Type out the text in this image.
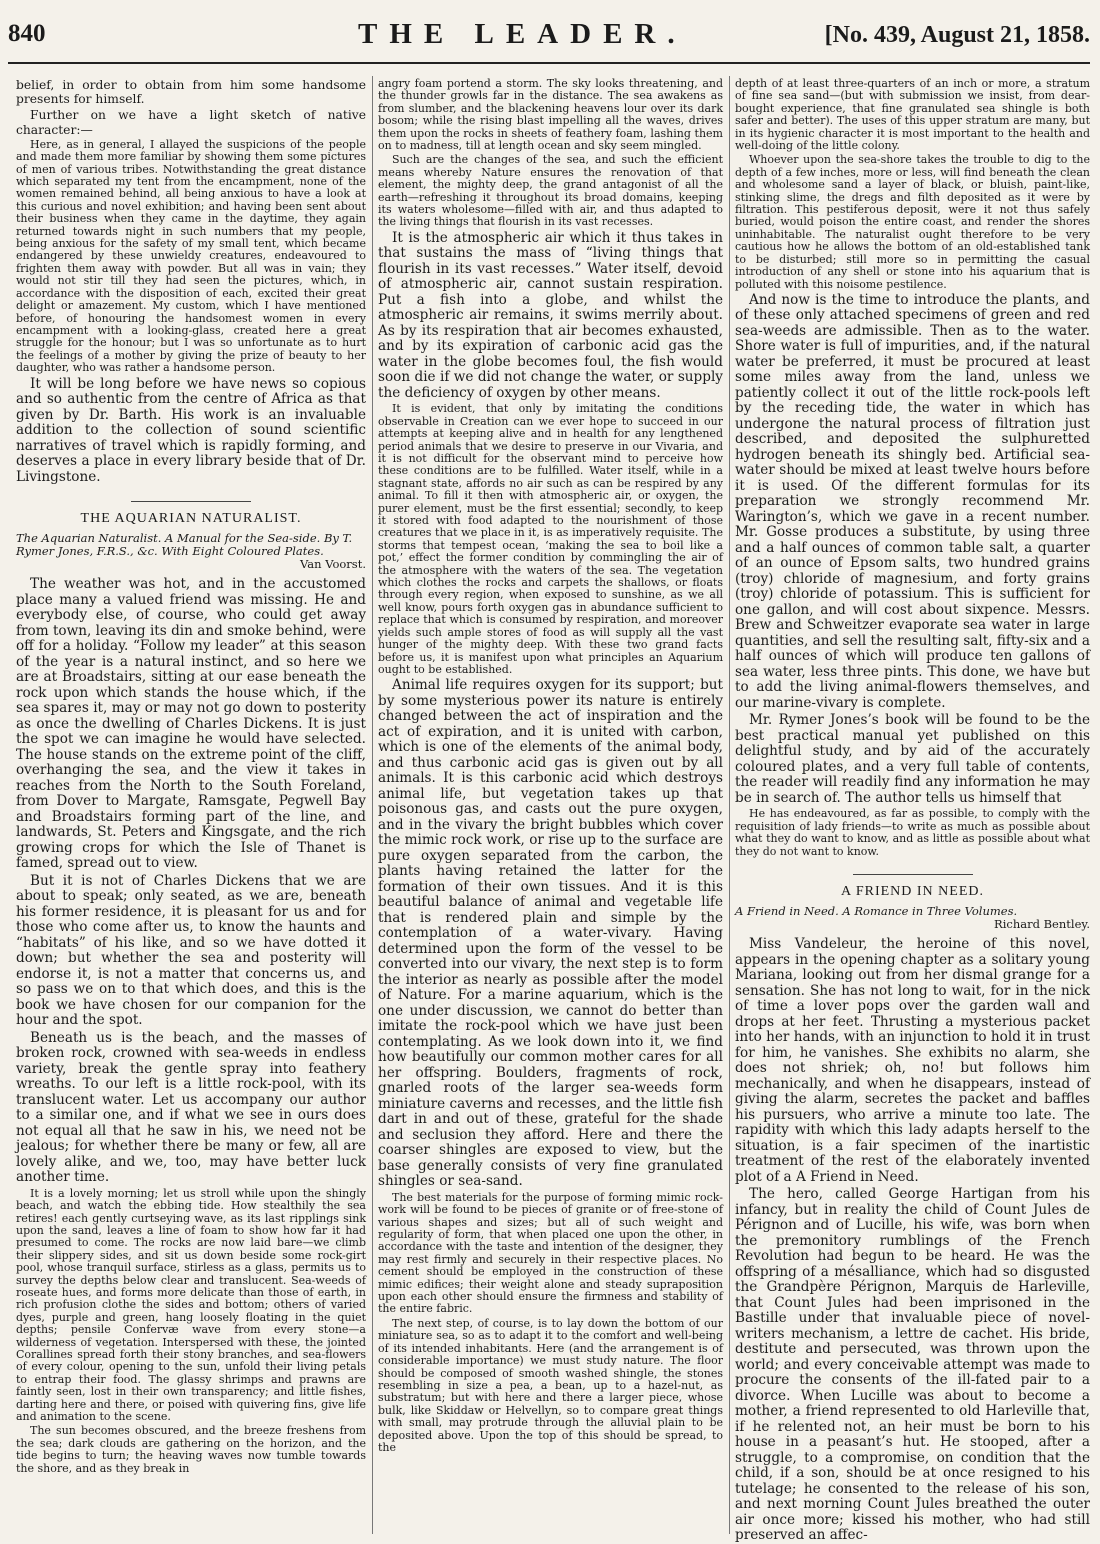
840	THE LEADER.	[No. 439, August 21, 1858.

belief, in order to obtain from him some handsome presents for himself.

Further on we have a light sketch of native character:—

Here, as in general, I allayed the suspicions of the people and made them more familiar by showing them some pictures of men of various tribes. Notwithstanding the great distance which separated my tent from the encampment, none of the women remained behind, all being anxious to have a look at this curious and novel exhibition; and having been sent about their business when they came in the daytime, they again returned towards night in such numbers that my people, being anxious for the safety of my small tent, which became endangered by these unwieldy creatures, endeavoured to frighten them away with powder. But all was in vain; they would not stir till they had seen the pictures, which, in accordance with the disposition of each, excited their great delight or amazement. My custom, which I have mentioned before, of honouring the handsomest women in every encampment with a looking-glass, created here a great struggle for the honour; but I was so unfortunate as to hurt the feelings of a mother by giving the prize of beauty to her daughter, who was rather a handsome person.

It will be long before we have news so copious and so authentic from the centre of Africa as that given by Dr. Barth. His work is an invaluable addition to the collection of sound scientific narratives of travel which is rapidly forming, and deserves a place in every library beside that of Dr. Livingstone.

THE AQUARIAN NATURALIST.
The Aquarian Naturalist. A Manual for the Sea-side. By T. Rymer Jones, F.R.S., &c. With Eight Coloured Plates.
Van Voorst.

The weather was hot, and in the accustomed place many a valued friend was missing. He and everybody else, of course, who could get away from town, leaving its din and smoke behind, were off for a holiday. “Follow my leader” at this season of the year is a natural instinct, and so here we are at Broadstairs, sitting at our ease beneath the rock upon which stands the house which, if the sea spares it, may or may not go down to posterity as once the dwelling of Charles Dickens. It is just the spot we can imagine he would have selected. The house stands on the extreme point of the cliff, overhanging the sea, and the view it takes in reaches from the North to the South Foreland, from Dover to Margate, Ramsgate, Pegwell Bay and Broadstairs forming part of the line, and landwards, St. Peters and Kingsgate, and the rich growing crops for which the Isle of Thanet is famed, spread out to view.

But it is not of Charles Dickens that we are about to speak; only seated, as we are, beneath his former residence, it is pleasant for us and for those who come after us, to know the haunts and “habitats” of his like, and so we have dotted it down; but whether the sea and posterity will endorse it, is not a matter that concerns us, and so pass we on to that which does, and this is the book we have chosen for our companion for the hour and the spot.

Beneath us is the beach, and the masses of broken rock, crowned with sea-weeds in endless variety, break the gentle spray into feathery wreaths. To our left is a little rock-pool, with its translucent water. Let us accompany our author to a similar one, and if what we see in ours does not equal all that he saw in his, we need not be jealous; for whether there be many or few, all are lovely alike, and we, too, may have better luck another time.

It is a lovely morning; let us stroll while upon the shingly beach, and watch the ebbing tide. How stealthily the sea retires! each gently curtseying wave, as its last ripplings sink upon the sand, leaves a line of foam to show how far it had presumed to come. The rocks are now laid bare—we climb their slippery sides, and sit us down beside some rock-girt pool, whose tranquil surface, stirless as a glass, permits us to survey the depths below clear and translucent. Sea-weeds of roseate hues, and forms more delicate than those of earth, in rich profusion clothe the sides and bottom; others of varied dyes, purple and green, hang loosely floating in the quiet depths; pensile Confervæ wave from every stone—a wilderness of vegetation. Interspersed with these, the jointed Corallines spread forth their stony branches, and sea-flowers of every colour, opening to the sun, unfold their living petals to entrap their food. The glassy shrimps and prawns are faintly seen, lost in their own transparency; and little fishes, darting here and there, or poised with quivering fins, give life and animation to the scene.

The sun becomes obscured, and the breeze freshens from the sea; dark clouds are gathering on the horizon, and the tide begins to turn; the heaving waves now tumble towards the shore, and as they break in

angry foam portend a storm. The sky looks threatening, and the thunder growls far in the distance. The sea awakens as from slumber, and the blackening heavens lour over its dark bosom; while the rising blast impelling all the waves, drives them upon the rocks in sheets of feathery foam, lashing them on to madness, till at length ocean and sky seem mingled.

Such are the changes of the sea, and such the efficient means whereby Nature ensures the renovation of that element, the mighty deep, the grand antagonist of all the earth—refreshing it throughout its broad domains, keeping its waters wholesome—filled with air, and thus adapted to the living things that flourish in its vast recesses.

It is the atmospheric air which it thus takes in that sustains the mass of “living things that flourish in its vast recesses.” Water itself, devoid of atmospheric air, cannot sustain respiration. Put a fish into a globe, and whilst the atmospheric air remains, it swims merrily about. As by its respiration that air becomes exhausted, and by its expiration of carbonic acid gas the water in the globe becomes foul, the fish would soon die if we did not change the water, or supply the deficiency of oxygen by other means.

It is evident, that only by imitating the conditions observable in Creation can we ever hope to succeed in our attempts at keeping alive and in health for any lengthened period animals that we desire to preserve in our Vivaria, and it is not difficult for the observant mind to perceive how these conditions are to be fulfilled. Water itself, while in a stagnant state, affords no air such as can be respired by any animal. To fill it then with atmospheric air, or oxygen, the purer element, must be the first essential; secondly, to keep it stored with food adapted to the nourishment of those creatures that we place in it, is as imperatively requisite. The storms that tempest ocean, ‘making the sea to boil like a pot,’ effect the former condition by commingling the air of the atmosphere with the waters of the sea. The vegetation which clothes the rocks and carpets the shallows, or floats through every region, when exposed to sunshine, as we all well know, pours forth oxygen gas in abundance sufficient to replace that which is consumed by respiration, and moreover yields such ample stores of food as will supply all the vast hunger of the mighty deep. With these two grand facts before us, it is manifest upon what principles an Aquarium ought to be established.

Animal life requires oxygen for its support; but by some mysterious power its nature is entirely changed between the act of inspiration and the act of expiration, and it is united with carbon, which is one of the elements of the animal body, and thus carbonic acid gas is given out by all animals. It is this carbonic acid which destroys animal life, but vegetation takes up that poisonous gas, and casts out the pure oxygen, and in the vivary the bright bubbles which cover the mimic rock work, or rise up to the surface are pure oxygen separated from the carbon, the plants having retained the latter for the formation of their own tissues. And it is this beautiful balance of animal and vegetable life that is rendered plain and simple by the contemplation of a water-vivary. Having determined upon the form of the vessel to be converted into our vivary, the next step is to form the interior as nearly as possible after the model of Nature. For a marine aquarium, which is the one under discussion, we cannot do better than imitate the rock-pool which we have just been contemplating. As we look down into it, we find how beautifully our common mother cares for all her offspring. Boulders, fragments of rock, gnarled roots of the larger sea-weeds form miniature caverns and recesses, and the little fish dart in and out of these, grateful for the shade and seclusion they afford. Here and there the coarser shingles are exposed to view, but the base generally consists of very fine granulated shingles or sea-sand.

The best materials for the purpose of forming mimic rock-work will be found to be pieces of granite or of free-stone of various shapes and sizes; but all of such weight and regularity of form, that when placed one upon the other, in accordance with the taste and intention of the designer, they may rest firmly and securely in their respective places. No cement should be employed in the construction of these mimic edifices; their weight alone and steady supraposition upon each other should ensure the firmness and stability of the entire fabric.

The next step, of course, is to lay down the bottom of our miniature sea, so as to adapt it to the comfort and well-being of its intended inhabitants. Here (and the arrangement is of considerable importance) we must study nature. The floor should be composed of smooth washed shingle, the stones resembling in size a pea, a bean, up to a hazel-nut, as substratum; but with here and there a larger piece, whose bulk, like Skiddaw or Helvellyn, so to compare great things with small, may protrude through the alluvial plain to be deposited above. Upon the top of this should be spread, to the

depth of at least three-quarters of an inch or more, a stratum of fine sea sand—(but with submission we insist, from dear-bought experience, that fine granulated sea shingle is both safer and better). The uses of this upper stratum are many, but in its hygienic character it is most important to the health and well-doing of the little colony.

Whoever upon the sea-shore takes the trouble to dig to the depth of a few inches, more or less, will find beneath the clean and wholesome sand a layer of black, or bluish, paint-like, stinking slime, the dregs and filth deposited as it were by filtration. This pestiferous deposit, were it not thus safely buried, would poison the entire coast, and render the shores uninhabitable. The naturalist ought therefore to be very cautious how he allows the bottom of an old-established tank to be disturbed; still more so in permitting the casual introduction of any shell or stone into his aquarium that is polluted with this noisome pestilence.

And now is the time to introduce the plants, and of these only attached specimens of green and red sea-weeds are admissible. Then as to the water. Shore water is full of impurities, and, if the natural water be preferred, it must be procured at least some miles away from the land, unless we patiently collect it out of the little rock-pools left by the receding tide, the water in which has undergone the natural process of filtration just described, and deposited the sulphuretted hydrogen beneath its shingly bed. Artificial sea-water should be mixed at least twelve hours before it is used. Of the different formulas for its preparation we strongly recommend Mr. Warington’s, which we gave in a recent number. Mr. Gosse produces a substitute, by using three and a half ounces of common table salt, a quarter of an ounce of Epsom salts, two hundred grains (troy) chloride of magnesium, and forty grains (troy) chloride of potassium. This is sufficient for one gallon, and will cost about sixpence. Messrs. Brew and Schweitzer evaporate sea water in large quantities, and sell the resulting salt, fifty-six and a half ounces of which will produce ten gallons of sea water, less three pints. This done, we have but to add the living animal-flowers themselves, and our marine-vivary is complete.

Mr. Rymer Jones’s book will be found to be the best practical manual yet published on this delightful study, and by aid of the accurately coloured plates, and a very full table of contents, the reader will readily find any information he may be in search of. The author tells us himself that

He has endeavoured, as far as possible, to comply with the requisition of lady friends—to write as much as possible about what they do want to know, and as little as possible about what they do not want to know.

A FRIEND IN NEED.
A Friend in Need. A Romance in Three Volumes.
Richard Bentley.

Miss Vandeleur, the heroine of this novel, appears in the opening chapter as a solitary young Mariana, looking out from her dismal grange for a sensation. She has not long to wait, for in the nick of time a lover pops over the garden wall and drops at her feet. Thrusting a mysterious packet into her hands, with an injunction to hold it in trust for him, he vanishes. She exhibits no alarm, she does not shriek; oh, no! but follows him mechanically, and when he disappears, instead of giving the alarm, secretes the packet and baffles his pursuers, who arrive a minute too late. The rapidity with which this lady adapts herself to the situation, is a fair specimen of the inartistic treatment of the rest of the elaborately invented plot of a A Friend in Need.

The hero, called George Hartigan from his infancy, but in reality the child of Count Jules de Pérignon and of Lucille, his wife, was born when the premonitory rumblings of the French Revolution had begun to be heard. He was the offspring of a mésalliance, which had so disgusted the Grandpère Pérignon, Marquis de Harleville, that Count Jules had been imprisoned in the Bastille under that invaluable piece of novel-writers mechanism, a lettre de cachet. His bride, destitute and persecuted, was thrown upon the world; and every conceivable attempt was made to procure the consents of the ill-fated pair to a divorce. When Lucille was about to become a mother, a friend represented to old Harleville that, if he relented not, an heir must be born to his house in a peasant’s hut. He stooped, after a struggle, to a compromise, on condition that the child, if a son, should be at once resigned to his tutelage; he consented to the release of his son, and next morning Count Jules breathed the outer air once more; kissed his mother, who had still preserved an affec-
